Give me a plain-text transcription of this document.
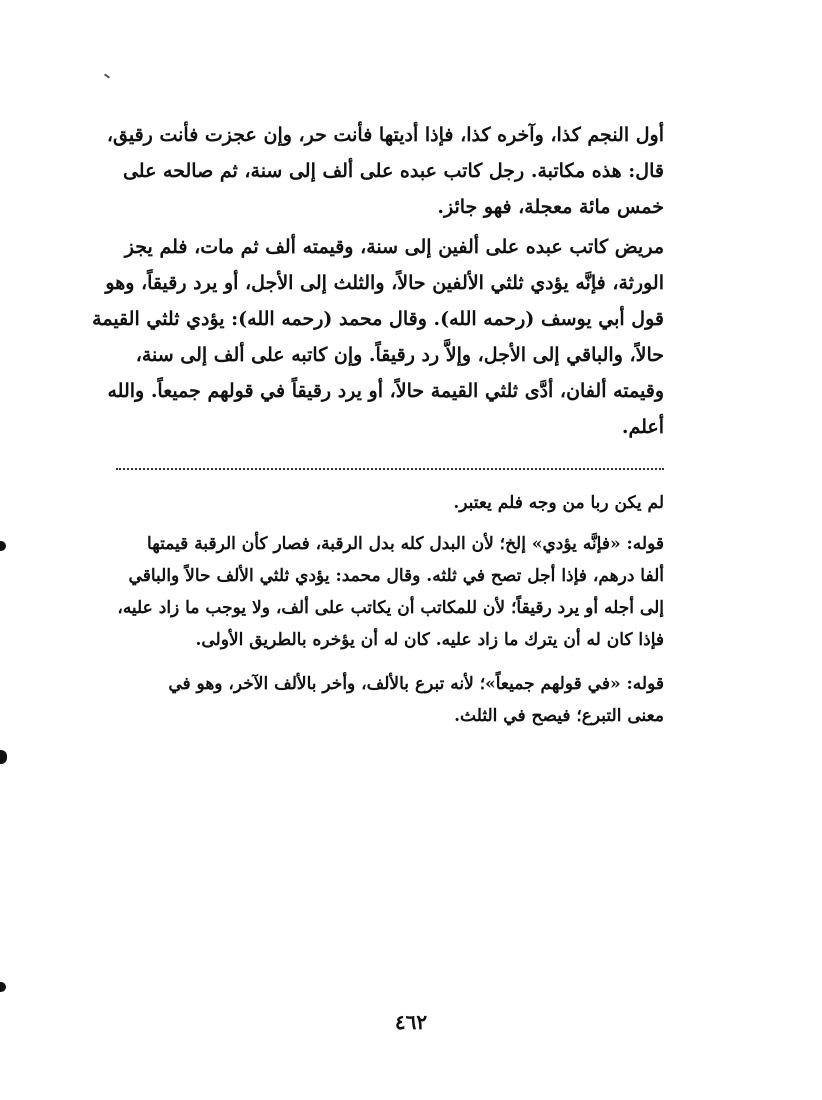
أول النجم كذا، وآخره كذا، فإذا أديتها فأنت حر، وإن عجزت فأنت رقيق،
قال: هذه مكاتبة. رجل كاتب عبده على ألف إلى سنة، ثم صالحه على
خمس مائة معجلة، فهو جائز.

مريض كاتب عبده على ألفين إلى سنة، وقيمته ألف ثم مات، فلم يجز
الورثة، فإنَّه يؤدي ثلثي الألفين حالاً، والثلث إلى الأجل، أو يرد رقيقاً، وهو
قول أبي يوسف (رحمه الله). وقال محمد (رحمه الله): يؤدي ثلثي القيمة
حالاً، والباقي إلى الأجل، وإلاَّ رد رقيقاً. وإن كاتبه على ألف إلى سنة،
وقيمته ألفان، أدَّى ثلثي القيمة حالاً، أو يرد رقيقاً في قولهم جميعاً. والله
أعلم.

لم يكن ربا من وجه فلم يعتبر.

قوله: «فإنَّه يؤدي» إلخ؛ لأن البدل كله بدل الرقبة، فصار كأن الرقبة قيمتها
ألفا درهم، فإذا أجل تصح في ثلثه. وقال محمد: يؤدي ثلثي الألف حالاً والباقي
إلى أجله أو يرد رقيقاً؛ لأن للمكاتب أن يكاتب على ألف، ولا يوجب ما زاد عليه،
فإذا كان له أن يترك ما زاد عليه. كان له أن يؤخره بالطريق الأولى.

قوله: «في قولهم جميعاً»؛ لأنه تبرع بالألف، وأخر بالألف الآخر، وهو في
معنى التبرع؛ فيصح في الثلث.

٤٦٢
